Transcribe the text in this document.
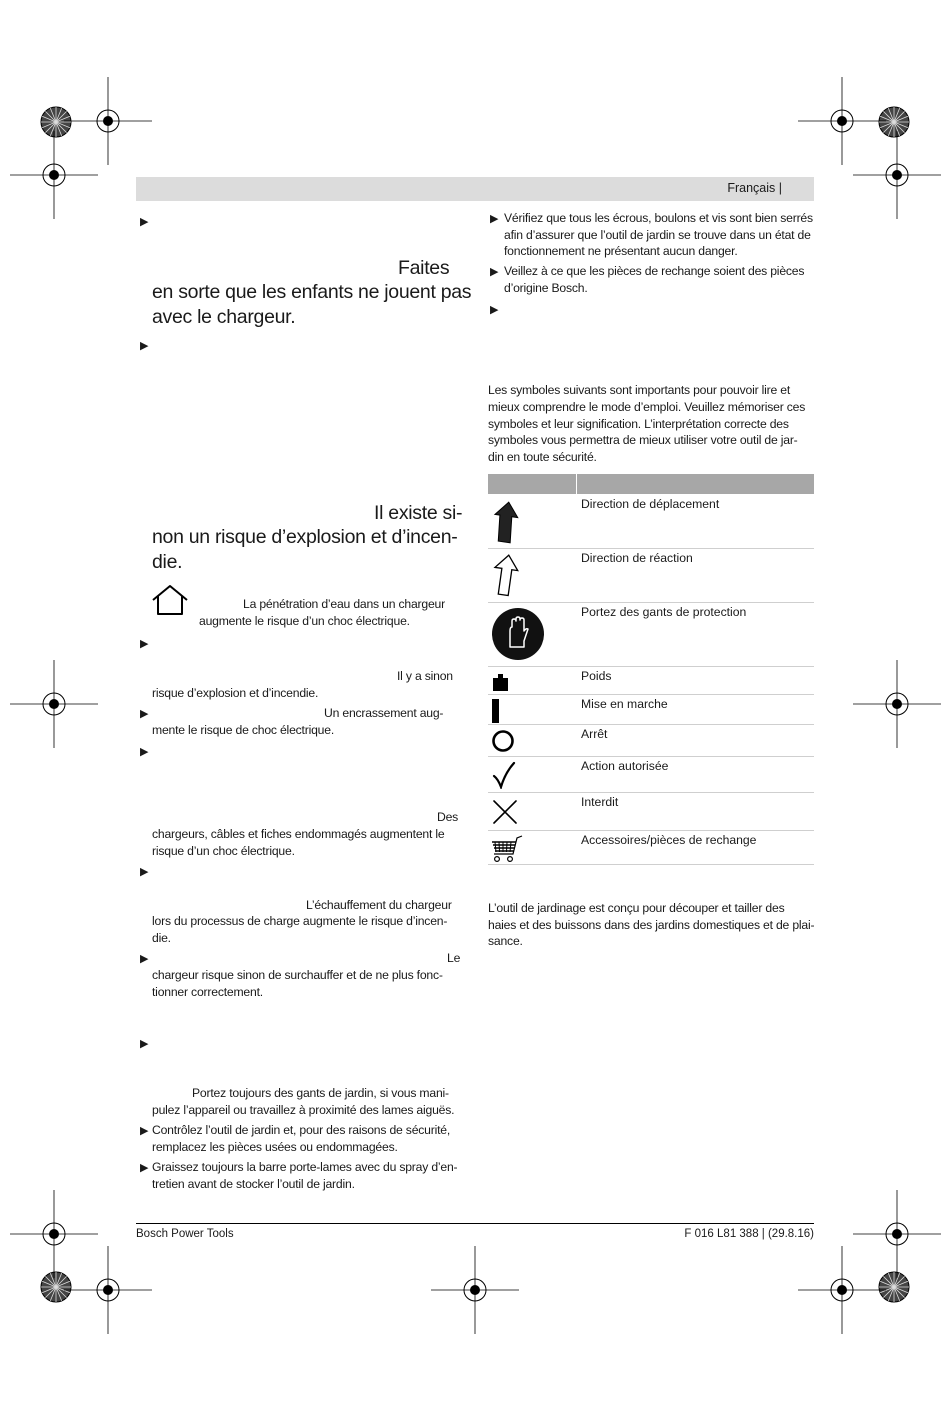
Français |
▶
Faites
en sorte que les enfants ne jouent pas
avec le chargeur.
▶
Il existe si-
non un risque d’explosion et d’incen-
die.
La pénétration d’eau dans un chargeur
augmente le risque d’un choc électrique.
▶
Il y a sinon
risque d’explosion et d’incendie.
▶	Un encrassement aug-
mente le risque de choc électrique.
▶
Des
chargeurs, câbles et fiches endommagés augmentent le
risque d’un choc électrique.
▶
L’échauffement du chargeur
lors du processus de charge augmente le risque d’incen-
die.
▶	Le
chargeur risque sinon de surchauffer et de ne plus fonc-
tionner correctement.
▶
Portez toujours des gants de jardin, si vous mani-
pulez l’appareil ou travaillez à proximité des lames aiguës.
▶ Contrôlez l’outil de jardin et, pour des raisons de sécurité,
remplacez les pièces usées ou endommagées.
▶ Graissez toujours la barre porte-lames avec du spray d’en-
tretien avant de stocker l’outil de jardin.
▶ Vérifiez que tous les écrous, boulons et vis sont bien serrés
afin d’assurer que l’outil de jardin se trouve dans un état de
fonctionnement ne présentant aucun danger.
▶ Veillez à ce que les pièces de rechange soient des pièces
d’origine Bosch.
▶
Les symboles suivants sont importants pour pouvoir lire et
mieux comprendre le mode d’emploi. Veuillez mémoriser ces
symboles et leur signification. L’interprétation correcte des
symboles vous permettra de mieux utiliser votre outil de jar-
din en toute sécurité.
Direction de déplacement
Direction de réaction
Portez des gants de protection
Poids
Mise en marche
Arrêt
Action autorisée
Interdit
Accessoires/pièces de rechange
L’outil de jardinage est conçu pour découper et tailler des
haies et des buissons dans des jardins domestiques et de plai-
sance.
Bosch Power Tools	F 016 L81 388 | (29.8.16)
